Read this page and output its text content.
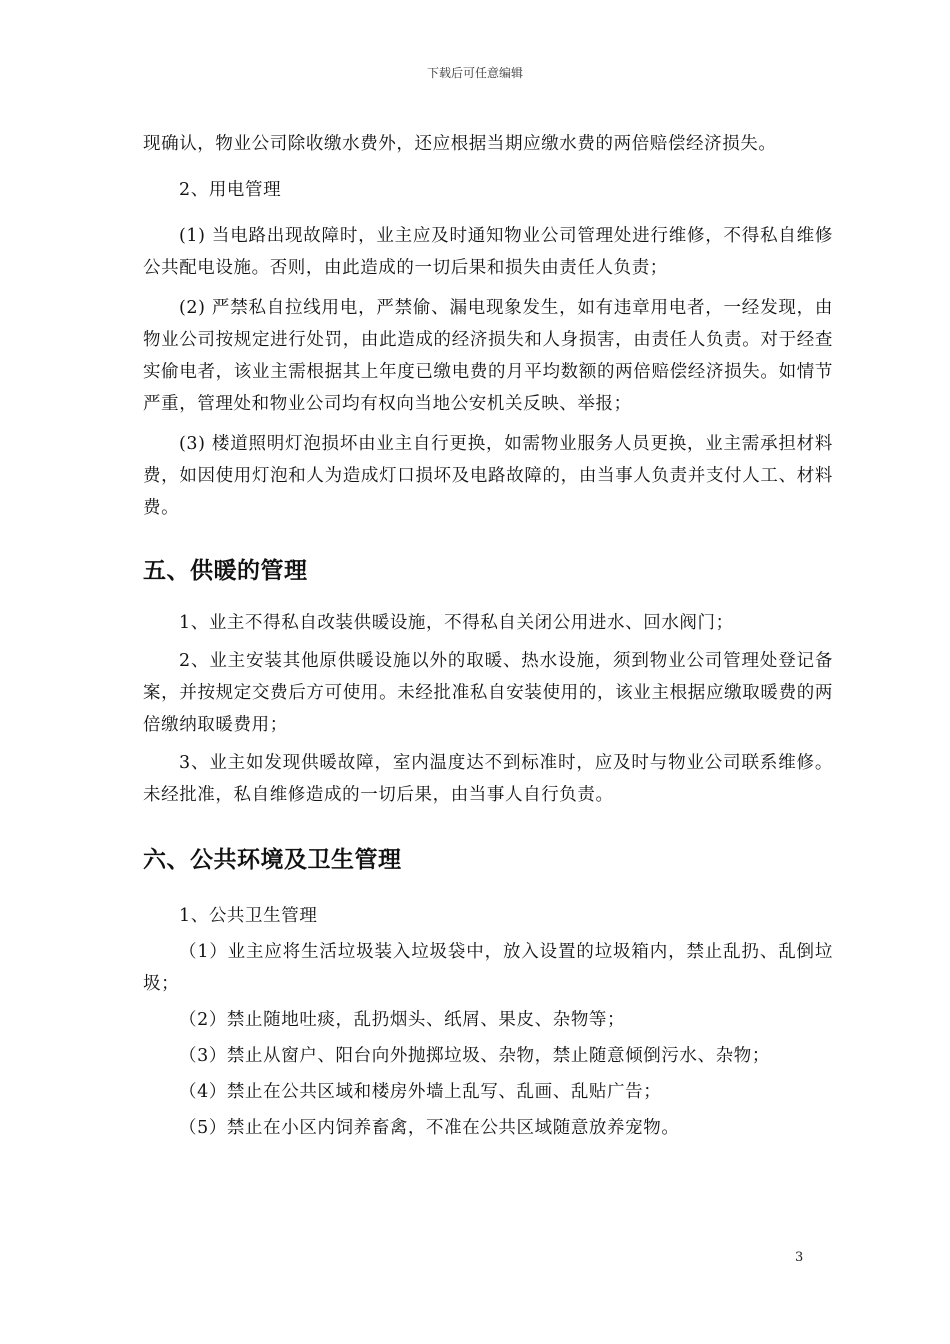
下载后可任意编辑

现确认，物业公司除收缴水费外，还应根据当期应缴水费的两倍赔偿经济损失。

2、用电管理

(1) 当电路出现故障时，业主应及时通知物业公司管理处进行维修，不得私自维修公共配电设施。否则，由此造成的一切后果和损失由责任人负责；

(2) 严禁私自拉线用电，严禁偷、漏电现象发生，如有违章用电者，一经发现，由物业公司按规定进行处罚，由此造成的经济损失和人身损害，由责任人负责。对于经查实偷电者，该业主需根据其上年度已缴电费的月平均数额的两倍赔偿经济损失。如情节严重，管理处和物业公司均有权向当地公安机关反映、举报；

(3) 楼道照明灯泡损坏由业主自行更换，如需物业服务人员更换，业主需承担材料费，如因使用灯泡和人为造成灯口损坏及电路故障的，由当事人负责并支付人工、材料费。

五、供暖的管理

1、业主不得私自改装供暖设施，不得私自关闭公用进水、回水阀门；

2、业主安装其他原供暖设施以外的取暖、热水设施，须到物业公司管理处登记备案，并按规定交费后方可使用。未经批准私自安装使用的，该业主根据应缴取暖费的两倍缴纳取暖费用；

3、业主如发现供暖故障，室内温度达不到标准时，应及时与物业公司联系维修。未经批准，私自维修造成的一切后果，由当事人自行负责。

六、公共环境及卫生管理

1、公共卫生管理

（1）业主应将生活垃圾装入垃圾袋中，放入设置的垃圾箱内，禁止乱扔、乱倒垃圾；

（2）禁止随地吐痰，乱扔烟头、纸屑、果皮、杂物等；

（3）禁止从窗户、阳台向外抛掷垃圾、杂物，禁止随意倾倒污水、杂物；

（4）禁止在公共区域和楼房外墙上乱写、乱画、乱贴广告；

（5）禁止在小区内饲养畜禽，不准在公共区域随意放养宠物。

3
